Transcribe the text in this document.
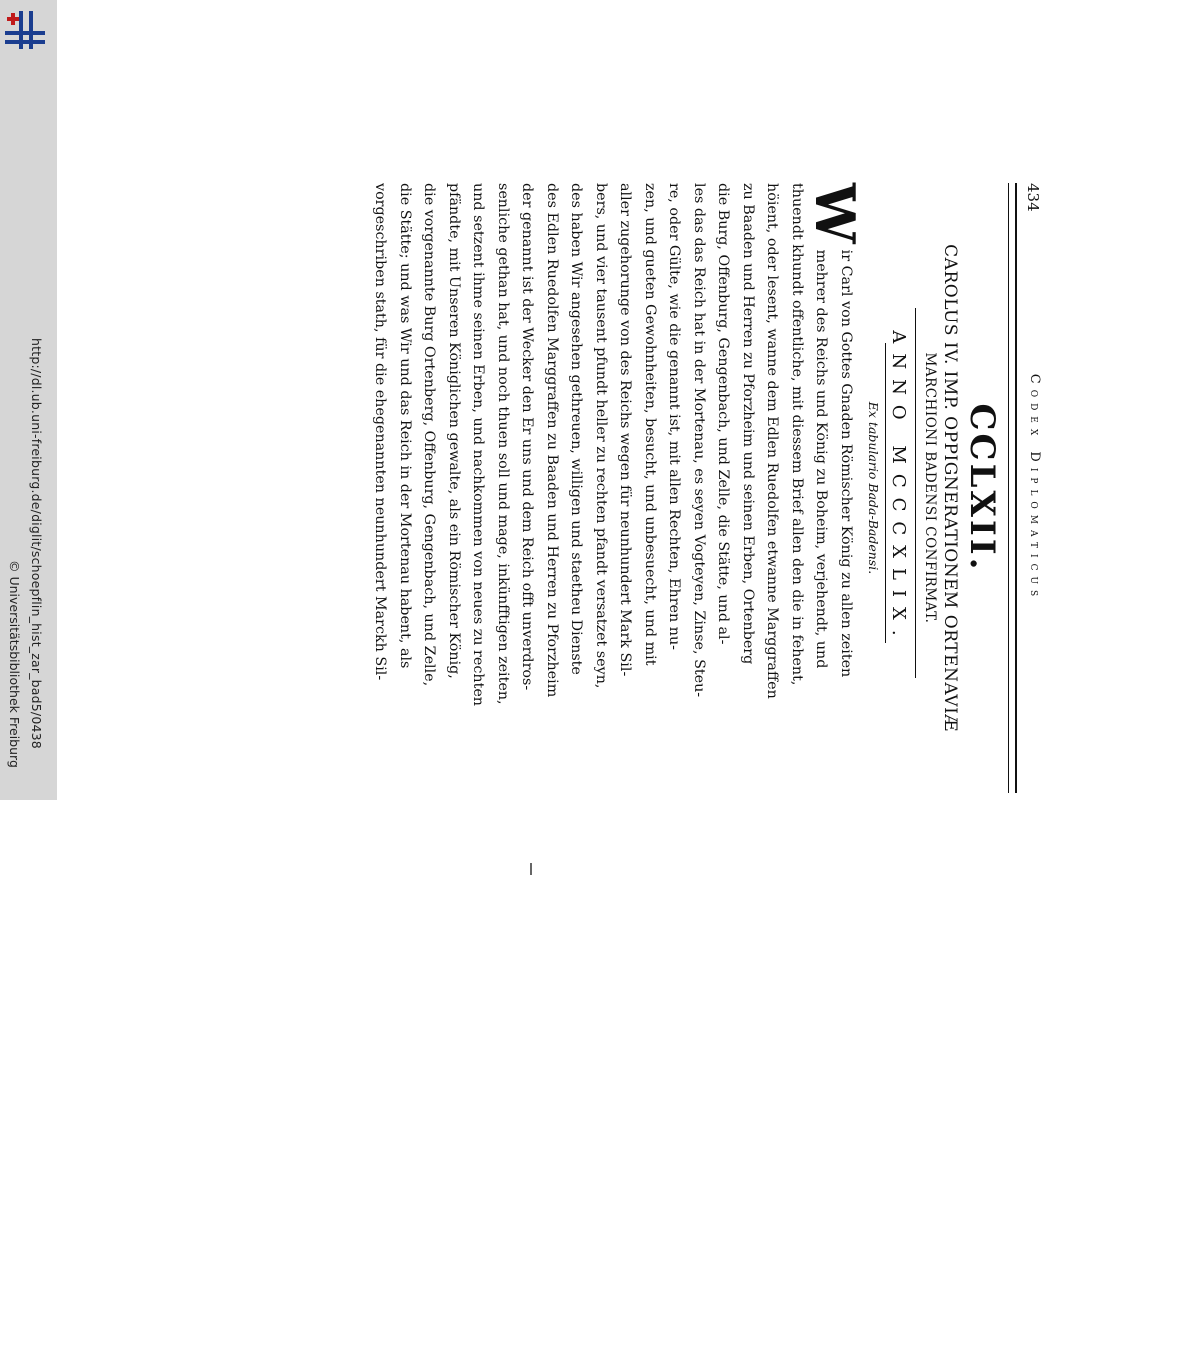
http://dl.ub.uni-freiburg.de/diglit/schoepflin_hist_zar_bad5/0438
© Universitätsbibliothek Freiburg
434
Codex Diplomaticus
CCLXII.
CAROLUS IV. IMP. OPPIGNERATIONEM ORTENAVIÆ
MARCHIONI BADENSI CONFIRMAT.
ANNO MCCCXLIX.
Ex tabulario Bada-Badensi.
W
ir Carl von Gottes Gnaden Römischer König zu allen zeiten
mehrer des Reichs und König zu Boheim, verjehendt, und
thuendt khundt offentliche, mit diessem Brief allen den die in fehent,
höient, oder lesent, wanne dem Edlen Ruedolfen etwanne Marggraffen
zu Baaden und Herren zu Pforzheim und seinen Erben, Ortenberg
die Burg, Offenburg, Gengenbach, und Zelle, die Stätte, und al-
les das das Reich hat in der Mortenau, es seyen Vogteyen, Zinse, Steu-
re, oder Gülte, wie die genannt ist, mit allen Rechten, Ehren nu-
zen, und gueten Gewohnheiten, besucht, und unbesuecht, und mit
aller zugehorunge von des Reichs wegen für neunhundert Mark Sil-
bers, und vier tausent pfundt heller zu rechten pfandt versatzet seyn,
des haben Wir angesehen gethreuen, willigen und staetheu Dienste
des Edlen Ruedolfen Marggraffen zu Baaden und Herren zu Pforzheim
der genannt ist der Wecker den Er uns und dem Reich offt unverdros-
senliche gethan hat, und noch thuen soll und mage, inkünfftigen zeiten,
und setzent ihme seinen Erben, und nachkommen von neues zu rechten
pfändte, mit Unseren Königlichen gewalte, als ein Römischer König,
die vorgenannte Burg Ortenberg, Offenburg, Gengenbach, und Zelle,
die Stätte; und was Wir und das Reich in der Mortenau habent, als
vorgeschriben stath, für die ehegenannten neunhundert Marckh Sil-
